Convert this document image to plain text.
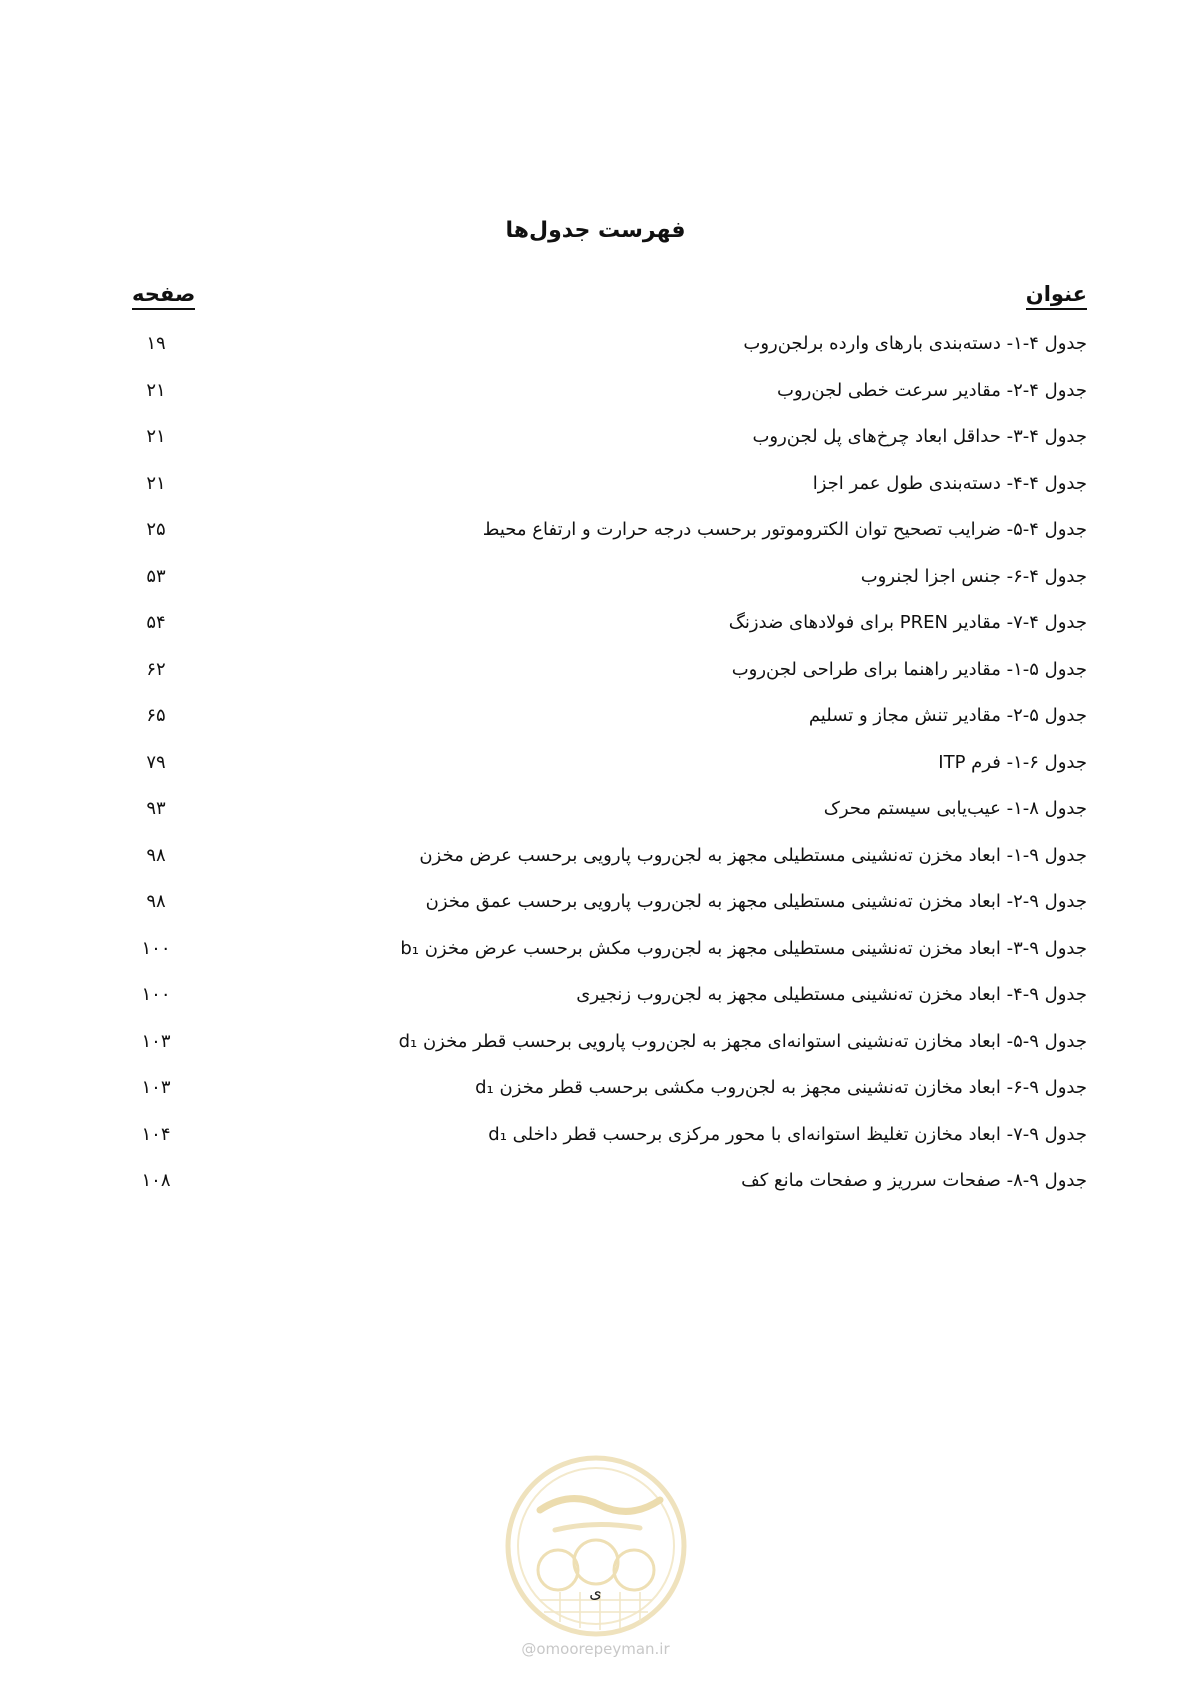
فهرست جدول‌ها
عنوان
صفحه
جدول ۴-۱- دسته‌بندی بارهای وارده برلجن‌روب
۱۹
جدول ۴-۲- مقادیر سرعت خطی لجن‌روب
۲۱
جدول ۴-۳- حداقل ابعاد چرخ‌های پل لجن‌روب
۲۱
جدول ۴-۴- دسته‌بندی طول عمر اجزا
۲۱
جدول ۴-۵- ضرایب تصحیح توان الکتروموتور برحسب درجه حرارت و ارتفاع محیط
۲۵
جدول ۴-۶- جنس اجزا لجنروب
۵۳
جدول ۴-۷- مقادیر PREN برای فولادهای ضدزنگ
۵۴
جدول ۵-۱- مقادیر راهنما برای طراحی لجن‌روب
۶۲
جدول ۵-۲- مقادیر تنش مجاز و تسلیم
۶۵
جدول ۶-۱- فرم ITP
۷۹
جدول ۸-۱- عیب‌یابی سیستم محرک
۹۳
جدول ۹-۱- ابعاد مخزن ته‌نشینی مستطیلی مجهز به لجن‌روب پارویی برحسب عرض مخزن
۹۸
جدول ۹-۲- ابعاد مخزن ته‌نشینی مستطیلی مجهز به لجن‌روب پارویی برحسب عمق مخزن
۹۸
جدول ۹-۳- ابعاد مخزن ته‌نشینی مستطیلی مجهز به لجن‌روب مکش برحسب عرض مخزن b₁
۱۰۰
جدول ۹-۴- ابعاد مخزن ته‌نشینی مستطیلی مجهز به لجن‌روب زنجیری
۱۰۰
جدول ۹-۵- ابعاد مخازن ته‌نشینی استوانه‌ای مجهز به لجن‌روب پارویی برحسب قطر مخزن d₁
۱۰۳
جدول ۹-۶- ابعاد مخازن ته‌نشینی مجهز به لجن‌روب مکشی برحسب قطر مخزن d₁
۱۰۳
جدول ۹-۷- ابعاد مخازن تغلیظ استوانه‌ای با محور مرکزی برحسب قطر داخلی d₁
۱۰۴
جدول ۹-۸- صفحات سرریز و صفحات مانع کف
۱۰۸
ی
@omoorepeyman.ir
